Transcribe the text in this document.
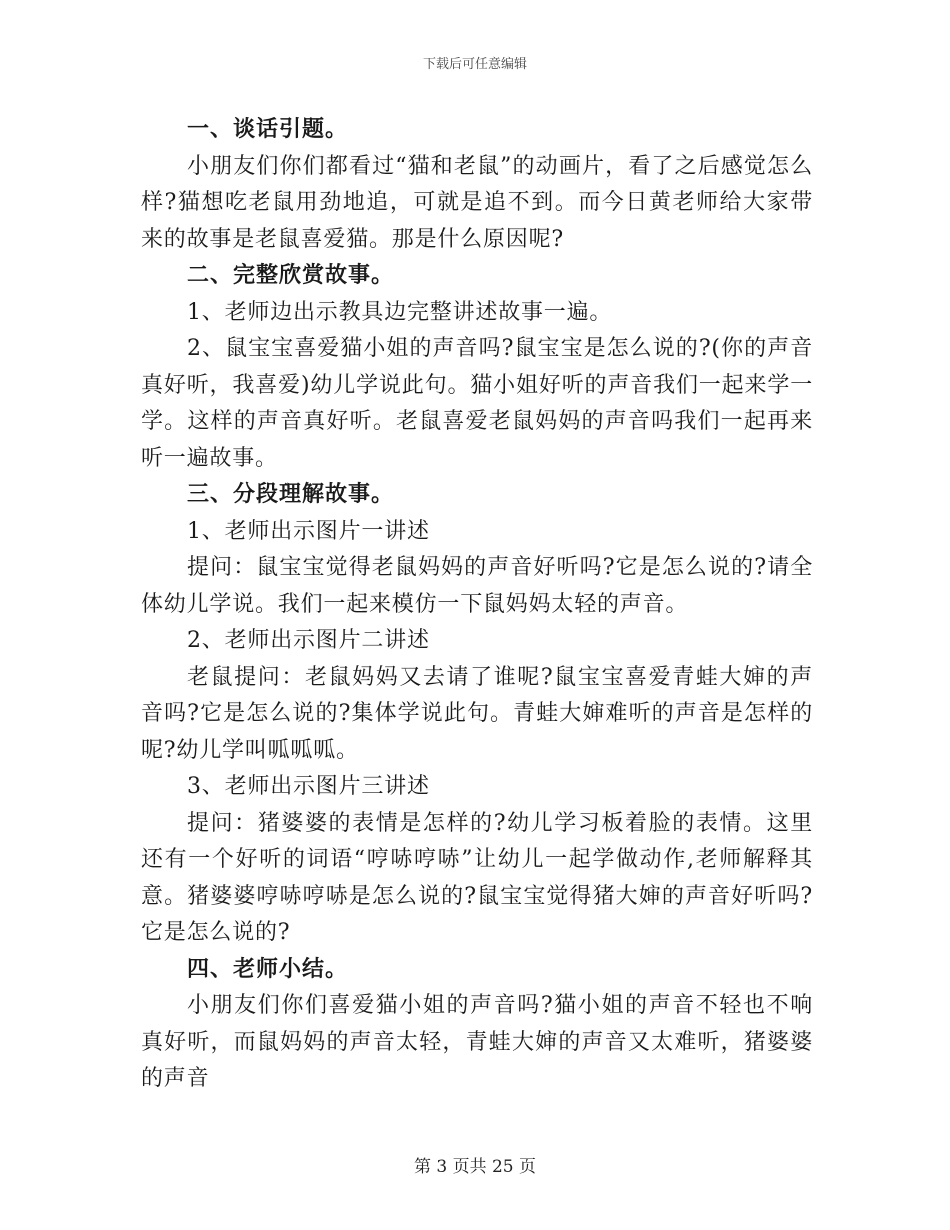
下载后可任意编辑

一、谈话引题。

小朋友们你们都看过“猫和老鼠”的动画片，看了之后感觉怎么样?猫想吃老鼠用劲地追，可就是追不到。而今日黄老师给大家带来的故事是老鼠喜爱猫。那是什么原因呢?

二、完整欣赏故事。

1、老师边出示教具边完整讲述故事一遍。

2、鼠宝宝喜爱猫小姐的声音吗?鼠宝宝是怎么说的?(你的声音真好听，我喜爱)幼儿学说此句。猫小姐好听的声音我们一起来学一学。这样的声音真好听。老鼠喜爱老鼠妈妈的声音吗我们一起再来听一遍故事。

三、分段理解故事。

1、老师出示图片一讲述

提问：鼠宝宝觉得老鼠妈妈的声音好听吗?它是怎么说的?请全体幼儿学说。我们一起来模仿一下鼠妈妈太轻的声音。

2、老师出示图片二讲述

老鼠提问：老鼠妈妈又去请了谁呢?鼠宝宝喜爱青蛙大婶的声音吗?它是怎么说的?集体学说此句。青蛙大婶难听的声音是怎样的呢?幼儿学叫呱呱呱。

3、老师出示图片三讲述

提问：猪婆婆的表情是怎样的?幼儿学习板着脸的表情。这里还有一个好听的词语“哼哧哼哧”让幼儿一起学做动作,老师解释其意。猪婆婆哼哧哼哧是怎么说的?鼠宝宝觉得猪大婶的声音好听吗?它是怎么说的?

四、老师小结。

小朋友们你们喜爱猫小姐的声音吗?猫小姐的声音不轻也不响真好听，而鼠妈妈的声音太轻，青蛙大婶的声音又太难听，猪婆婆的声音

第 3 页共 25 页
